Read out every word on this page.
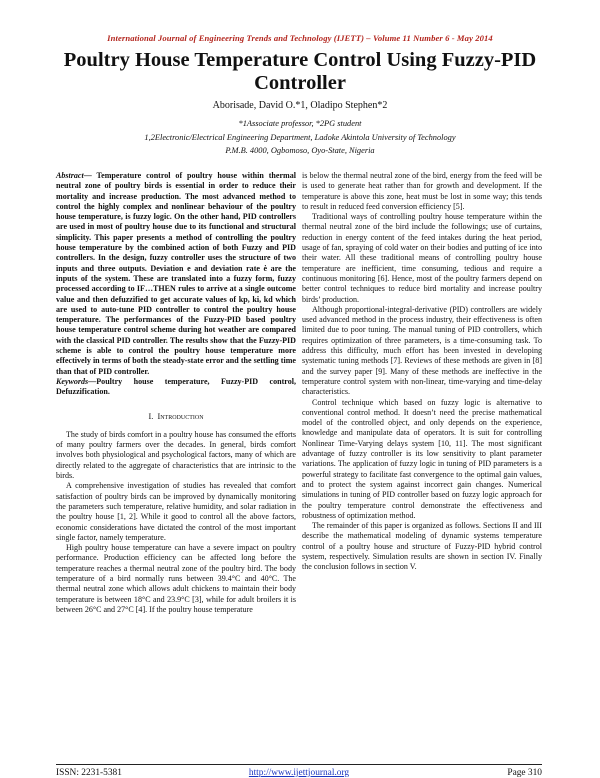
International Journal of Engineering Trends and Technology (IJETT) – Volume 11 Number 6 - May 2014
Poultry House Temperature Control Using Fuzzy-PID Controller
Aborisade, David O.*1, Oladipo Stephen*2
*1Associate professor, *2PG student
1,2Electronic/Electrical Engineering Department, Ladoke Akintola University of Technology
P.M.B. 4000, Ogbomoso, Oyo-State, Nigeria

Abstract— Temperature control of poultry house within thermal neutral zone of poultry birds is essential in order to reduce their mortality and increase production. The most advanced method to control the highly complex and nonlinear behaviour of the poultry house temperature, is fuzzy logic. On the other hand, PID controllers are used in most of poultry house due to its functional and structural simplicity. This paper presents a method of controlling the poultry house temperature by the combined action of both Fuzzy and PID controllers. In the design, fuzzy controller uses the structure of two inputs and three outputs. Deviation e and deviation rate ė are the inputs of the system. These are translated into a fuzzy form, fuzzy processed according to IF…THEN rules to arrive at a single outcome value and then defuzzified to get accurate values of kp, ki, kd which are used to auto-tune PID controller to control the poultry house temperature. The performances of the Fuzzy-PID based poultry house temperature control scheme during hot weather are compared with the classical PID controller. The results show that the Fuzzy-PID scheme is able to control the poultry house temperature more effectively in terms of both the steady-state error and the settling time than that of PID controller.

Keywords—Poultry house temperature, Fuzzy-PID control, Defuzzification.

I. Introduction

The study of birds comfort in a poultry house has consumed the efforts of many poultry farmers over the decades. In general, birds comfort involves both physiological and psychological factors, many of which are directly related to the aggregate of characteristics that are intrinsic to the birds.

A comprehensive investigation of studies has revealed that comfort satisfaction of poultry birds can be improved by dynamically monitoring the parameters such temperature, relative humidity, and solar radiation in the poultry house [1, 2]. While it good to control all the above factors, economic considerations have dictated the control of the most important single factor, namely temperature.

High poultry house temperature can have a severe impact on poultry performance. Production efficiency can be affected long before the temperature reaches a thermal neutral zone of the poultry bird. The body temperature of a bird normally runs between 39.4°C and 40°C. The thermal neutral zone which allows adult chickens to maintain their body temperature is between 18°C and 23.9°C [3], while for adult broilers it is between 26°C and 27°C [4]. If the poultry house temperature

is below the thermal neutral zone of the bird, energy from the feed will be is used to generate heat rather than for growth and development. If the temperature is above this zone, heat must be lost in some way; this tends to result in reduced feed conversion efficiency [5].

Traditional ways of controlling poultry house temperature within the thermal neutral zone of the bird include the followings; use of curtains, reduction in energy content of the feed intakes during the heat period, usage of fan, spraying of cold water on their bodies and putting of ice into their water. All these traditional means of controlling poultry house temperature are inefficient, time consuming, tedious and require a continuous monitoring [6]. Hence, most of the poultry farmers depend on better control techniques to reduce bird mortality and increase poultry birds’ production.

Although proportional-integral-derivative (PID) controllers are widely used advanced method in the process industry, their effectiveness is often limited due to poor tuning. The manual tuning of PID controllers, which requires optimization of three parameters, is a time-consuming task. To address this difficulty, much effort has been invested in developing systematic tuning methods [7]. Reviews of these methods are given in [8] and the survey paper [9]. Many of these methods are ineffective in the temperature control system with non-linear, time-varying and time-delay characteristics.

Control technique which based on fuzzy logic is alternative to conventional control method. It doesn’t need the precise mathematical model of the controlled object, and only depends on the experience, knowledge and manipulate data of operators. It is suit for controlling Nonlinear Time-Varying delays system [10, 11]. The most significant advantage of fuzzy controller is its low sensitivity to plant parameter variations. The application of fuzzy logic in tuning of PID parameters is a powerful strategy to facilitate fast convergence to the optimal gain values, and to protect the system against incorrect gain changes. Numerical simulations in tuning of PID controller based on fuzzy logic approach for the poultry temperature control demonstrate the effectiveness and robustness of optimization method.

The remainder of this paper is organized as follows. Sections II and III describe the mathematical modeling of dynamic systems temperature control of a poultry house and structure of Fuzzy-PID hybrid control system, respectively. Simulation results are shown in section IV. Finally the conclusion follows in section V.

ISSN: 2231-5381	http://www.ijettjournal.org	Page 310
